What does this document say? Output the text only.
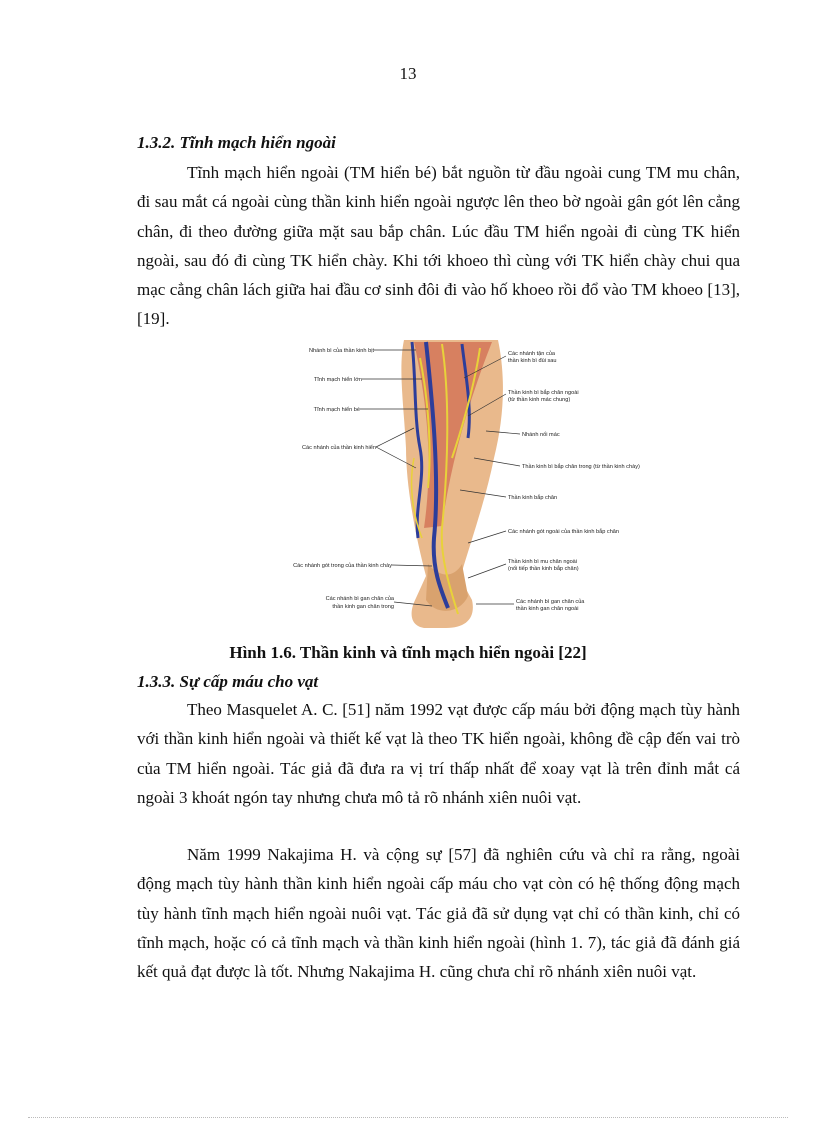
13
1.3.2. Tĩnh mạch hiển ngoài

Tĩnh mạch hiển ngoài (TM hiển bé) bắt nguồn từ đầu ngoài cung TM mu chân, đi sau mắt cá ngoài cùng thần kinh hiển ngoài ngược lên theo bờ ngoài gân gót lên cẳng chân, đi theo đường giữa mặt sau bắp chân. Lúc đầu TM hiển ngoài đi cùng TK hiển ngoài, sau đó đi cùng TK hiển chày. Khi tới khoeo thì cùng với TK hiển chày chui qua mạc cẳng chân lách giữa hai đầu cơ sinh đôi đi vào hố khoeo rồi đổ vào TM khoeo [13], [19].

Nhánh bì của thần kinh bịt
Tĩnh mạch hiển lớn
Tĩnh mạch hiển bé
Các nhánh của thần kinh hiển
Các nhánh gót trong của thần kinh chày
Các nhánh bì gan chân của
thần kinh gan chân trong
Các nhánh tận của
thần kinh bì đùi sau
Thần kinh bì bắp chân ngoài
(từ thần kinh mác chung)
Nhánh nối mác
Thần kinh bì bắp chân trong (từ thần kinh chày)
Thần kinh bắp chân
Các nhánh gót ngoài của thần kinh bắp chân
Thần kinh bì mu chân ngoài
(nối tiếp thần kinh bắp chân)
Các nhánh bì gan chân của
thần kinh gan chân ngoài
Hình 1.6. Thần kinh và tĩnh mạch hiển ngoài [22]
1.3.3. Sự cấp máu cho vạt

Theo Masquelet A. C. [51] năm 1992 vạt được cấp máu bởi động mạch tùy hành với thần kinh hiển ngoài và thiết kế vạt là theo TK hiển ngoài, không đề cập đến vai trò của TM hiển ngoài. Tác giả đã đưa ra vị trí thấp nhất để xoay vạt là trên đỉnh mắt cá ngoài 3 khoát ngón tay nhưng chưa mô tả rõ nhánh xiên nuôi vạt.

Năm 1999 Nakajima H. và cộng sự [57] đã nghiên cứu và chỉ ra rằng, ngoài động mạch tùy hành thần kinh hiển ngoài cấp máu cho vạt còn có hệ thống động mạch tùy hành tĩnh mạch hiển ngoài nuôi vạt. Tác giả đã sử dụng vạt chỉ có thần kinh, chỉ có tĩnh mạch, hoặc có cả tĩnh mạch và thần kinh hiển ngoài (hình 1. 7), tác giả đã đánh giá kết quả đạt được là tốt. Nhưng Nakajima H. cũng chưa chỉ rõ nhánh xiên nuôi vạt.
